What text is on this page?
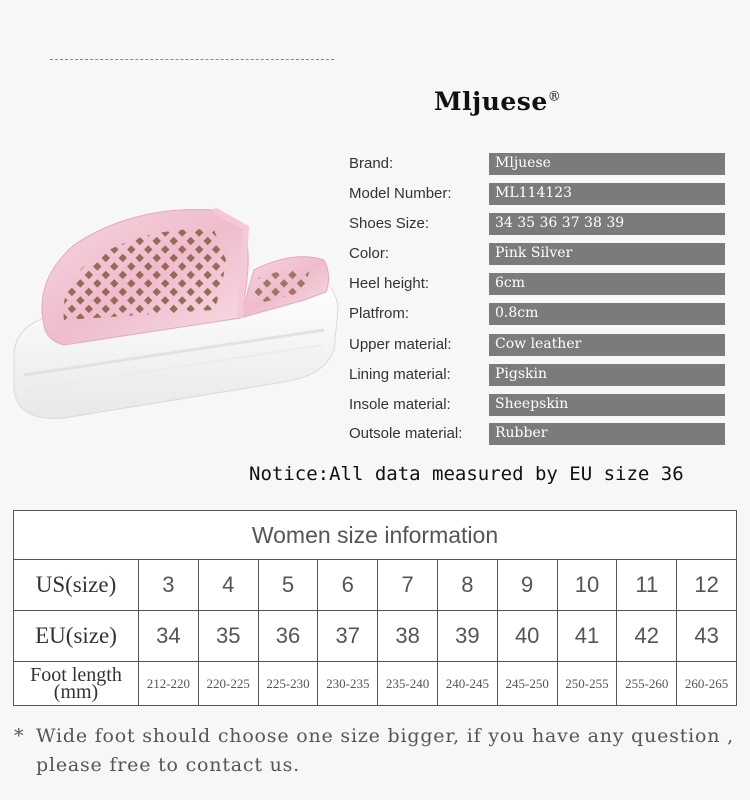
Mljuese®
Brand:	Mljuese
Model Number:	ML114123
Shoes Size:	34 35 36 37 38 39
Color:	Pink Silver
Heel height:	6cm
Platfrom:	0.8cm
Upper material:	Cow leather
Lining material:	Pigskin
Insole material:	Sheepskin
Outsole material: Rubber
Notice:All data measured by EU size 36
Women size information										
US(size)	3	4	5	6	7	8	9	10	11	12
EU(size)	34	35	36	37	38	39	40	41	42	43

Foot length
(mm)	212-220	220-225	225-230	230-235	235-240	240-245	245-250	250-255	255-260	260-265
* Wide foot should choose one size bigger, if you have any question ,
please free to contact us.
